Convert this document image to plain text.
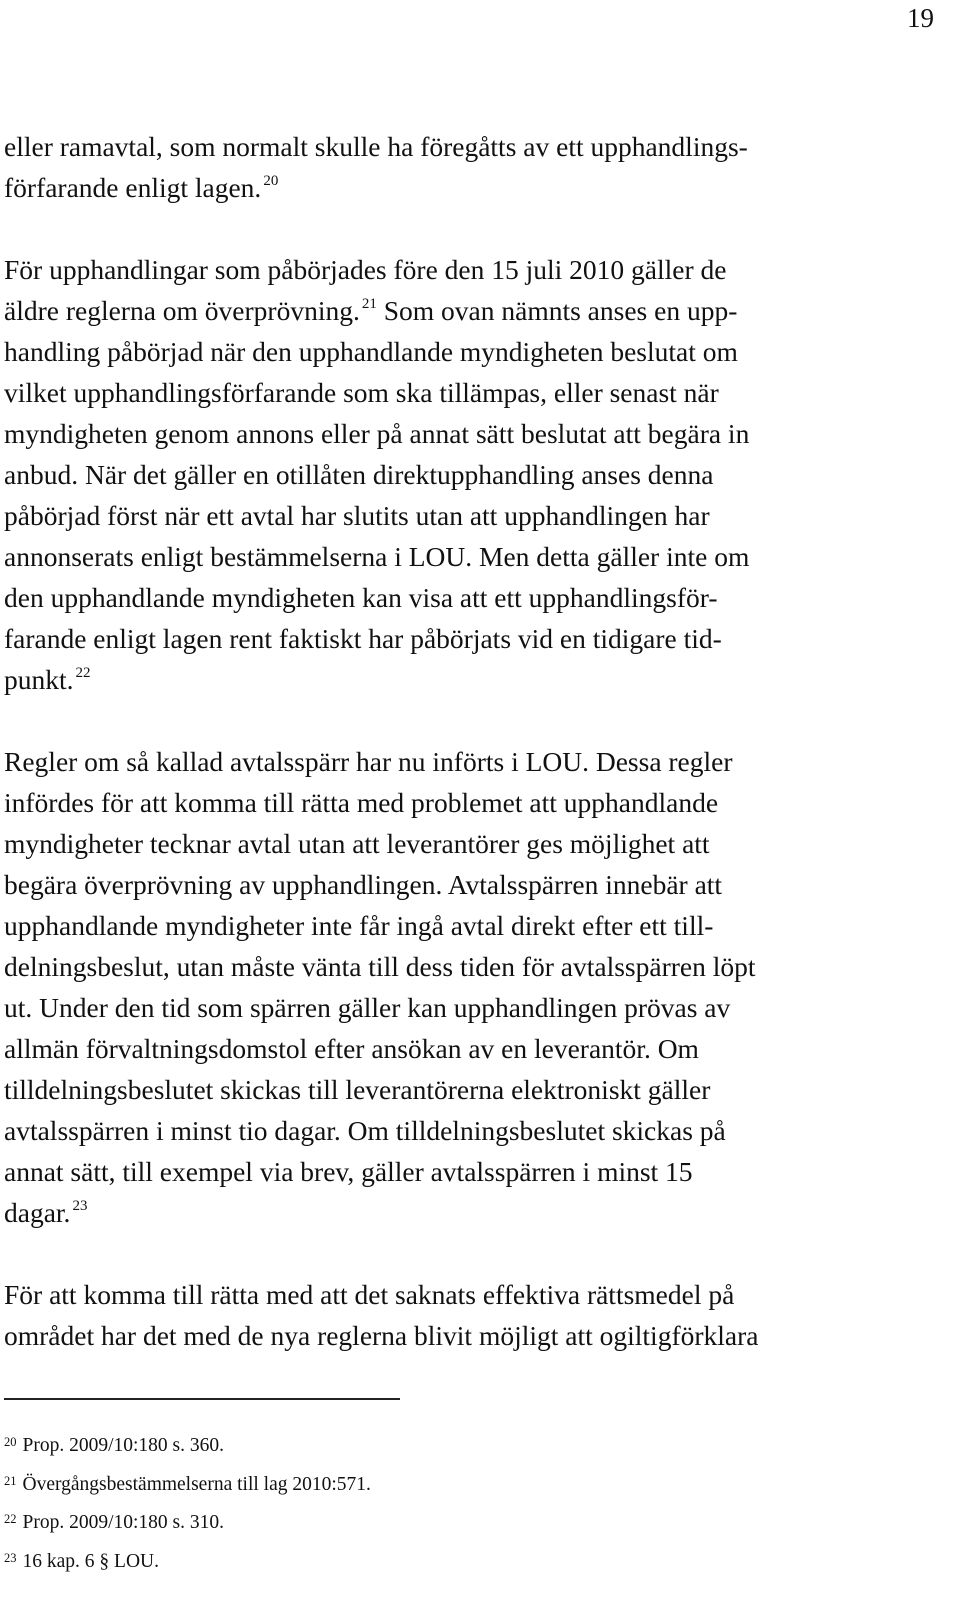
19

eller ramavtal, som normalt skulle ha föregåtts av ett upphandlings-
förfarande enligt lagen. $^{20}$

För upphandlingar som påbörjades före den 15 juli 2010 gäller de
äldre reglerna om överprövning. $^{21}$ Som ovan nämnts anses en upp-
handling påbörjad när den upphandlande myndigheten beslutat om
vilket upphandlingsförfarande som ska tillämpas, eller senast när
myndigheten genom annons eller på annat sätt beslutat att begära in
anbud. När det gäller en otillåten direktupphandling anses denna
påbörjad först när ett avtal har slutits utan att upphandlingen har
annonserats enligt bestämmelserna i LOU. Men detta gäller inte om
den upphandlande myndigheten kan visa att ett upphandlingsför-
farande enligt lagen rent faktiskt har påbörjats vid en tidigare tid-
punkt. $^{22}$

Regler om så kallad avtalsspärr har nu införts i LOU. Dessa regler
infördes för att komma till rätta med problemet att upphandlande
myndigheter tecknar avtal utan att leverantörer ges möjlighet att
begära överprövning av upphandlingen. Avtalsspärren innebär att
upphandlande myndigheter inte får ingå avtal direkt efter ett till-
delningsbeslut, utan måste vänta till dess tiden för avtalsspärren löpt
ut. Under den tid som spärren gäller kan upphandlingen prövas av
allmän förvaltningsdomstol efter ansökan av en leverantör. Om
tilldelningsbeslutet skickas till leverantörerna elektroniskt gäller
avtalsspärren i minst tio dagar. Om tilldelningsbeslutet skickas på
annat sätt, till exempel via brev, gäller avtalsspärren i minst 15
dagar. $^{23}$

För att komma till rätta med att det saknats effektiva rättsmedel på
området har det med de nya reglerna blivit möjligt att ogiltigförklara

$^{20}$ Prop. 2009/10:180 s. 360.
$^{21}$ Övergångsbestämmelserna till lag 2010:571.
$^{22}$ Prop. 2009/10:180 s. 310.
$^{23}$ 16 kap. 6 § LOU.
